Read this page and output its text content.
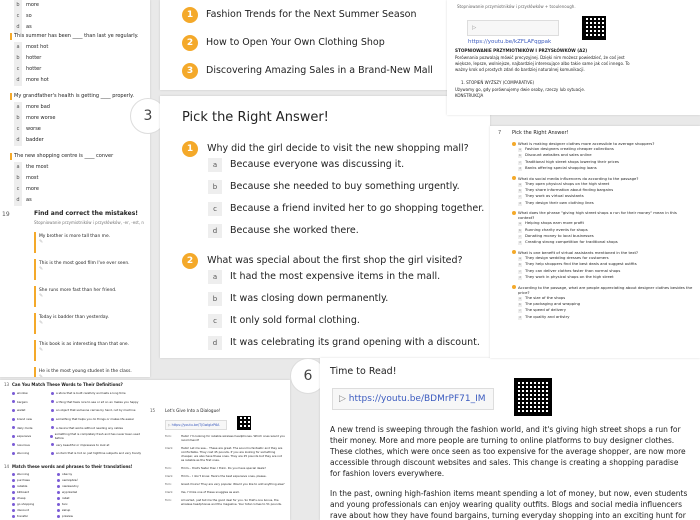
b more
c so
d as
This summer has been ____ than last ye regularly.
a most hot
b hotter
c hotter
d more hot
My grandfather's health is getting ____ properly.
a more bad
b more worse
c worse
d badder
The new shopping centre is ____ conver
a the most
b most
c more
d as
19	Find and correct the mistakes!
Stopniowanie przymiotników i przysłówków, -er, -est, n
My brother is more tall than me.
✎
This is the most good film I've ever seen.
✎
She runs more fast than her friend.
✎
Today is badder than yesterday.
✎
This book is as interesting than that one.
✎
He is the most young student in the class.
✎
1 Fashion Trends for the Next Summer Season
2 How to Open Your Own Clothing Shop
3 Discovering Amazing Sales in a Brand-New Mall
3	Pick the Right Answer!
1 Why did the girl decide to visit the new shopping mall?
a Because everyone was discussing it.
b Because she needed to buy something urgently.
c Because a friend invited her to go shopping together.
d Because she worked there.
2 What was special about the first shop the girl visited?
a It had the most expensive items in the mall.
b It was closing down permanently.
c It only sold formal clothing.
d It was celebrating its grand opening with a discount.
6	Time to Read!
▷ https://youtu.be/BDMrPF71_IM
A new trend is sweeping through the fashion world, and it's giving high street shops a run for their money. More and more people are turning to online platforms to buy designer clothes. These clothes, which were once seen as too expensive for the average shopper, are now more accessible through discount websites and sales. This change is creating a shopping paradise for fashion lovers everywhere.
In the past, owning high-fashion items meant spending a lot of money, but now, even students and young professionals can enjoy wearing quality outfits. Blogs and social media influencers rave about how they have found bargains, turning everyday shopping into an exciting hunt for
Stopniowanie przymiotników i przysłówków + tsoulenough.
▷ https://youtu.be/kZFLAFqgpak
STOPNIOWANIE PRZYMIOTNIKÓW I PRZYSŁÓWKÓW (A2)
Porównania pozwalają mówić precyzyjnej. Dzięki nim możesz powiedzieć, że coś jest większe, lepsze, wolniejsze, najbardziej interesujące albo takie same jak coś innego. To ważny krok od prostych zdań do bardziej naturalnej komunikacji.
1. STOPIEŃ WYŻSZY (COMPARATIVE)
Używamy go, gdy porównujemy dwie osoby, rzeczy lub sytuacje.
KONSTRUKCJA
7 Pick the Right Answer!
What is making designer clothes more accessible to average shoppers?
a Fashion designers creating cheaper collections
b Discount websites and sales online
c Traditional high street shops lowering their prices
d Banks offering special shopping loans
What do social media influencers do according to the passage?
a They open physical shops on the high street
b They share information about finding bargains
c They work as virtual assistants
d They design their own clothing lines
What does the phrase "giving high street shops a run for their money" mean in this context?
a Helping shops earn more profit
b Running charity events for shops
c Donating money to local businesses
d Creating strong competition for traditional shops
What is one benefit of virtual assistants mentioned in the text?
a They design wedding dresses for customers
b They help shoppers find the best deals and suggest outfits
c They can deliver clothes faster than normal shops
d They work in physical shops on the high street
According to the passage, what are people appreciating about designer clothes besides the price?
a The size of the shops
b The packaging and wrapping
c The speed of delivery
d The quality and artistry
13 Can You Match These Words to Their Definitions?
window	a store that is built carefully and lasts a long time
bargain	a thing that feels nice to see or sit on an makes you happy
wallet	an object that someone carries by hand, not by machine
brand new	something that helps you do things or makes life easier
daily mode	a device that works without needing any cables
expensive	something that is completely fresh and has never been used before
luxurious	very beautiful or impressive to look at
stunning	an item that is hot on just hightline subjects and very trendy
14 Match these words and phrases to their translations!
stunning	obecny
purchase	oszczędzać
reliable	niezawodny
billboard	wyprzedaż
cheap	rabat
go shopping	tani
discount	zakup
transfer	przelew
15 Let's Give Into a Dialogue!
▷ https://youtu.be/TjGwIgIzP6A
Tom:	Hello! I'm looking for reliable wireless headphones. Which ones would you recommend?
Clerk:	Hello! Let me see... These are great. The sound is fantastic and they are comfortable. They cost 45 pounds. If you are looking for something cheaper, we also have these ones. They are 25 pounds but they are not as reliable as the first ones.
Tom:	Hmm... that's faster than I think. Do you have special deals?
Clerk:	Hmm... I don't know. Here's the best expensive ones, please.
Tom:	Great choice! They are very popular. Would you like to add anything else?
Clerk:	Yes, I'd like one of these snuggles as well.
Tom:	All sorted, just tell me the good deal for you. So that's one bonus, the wireless headphones and the magazine. Your total comes to 51 pounds.
